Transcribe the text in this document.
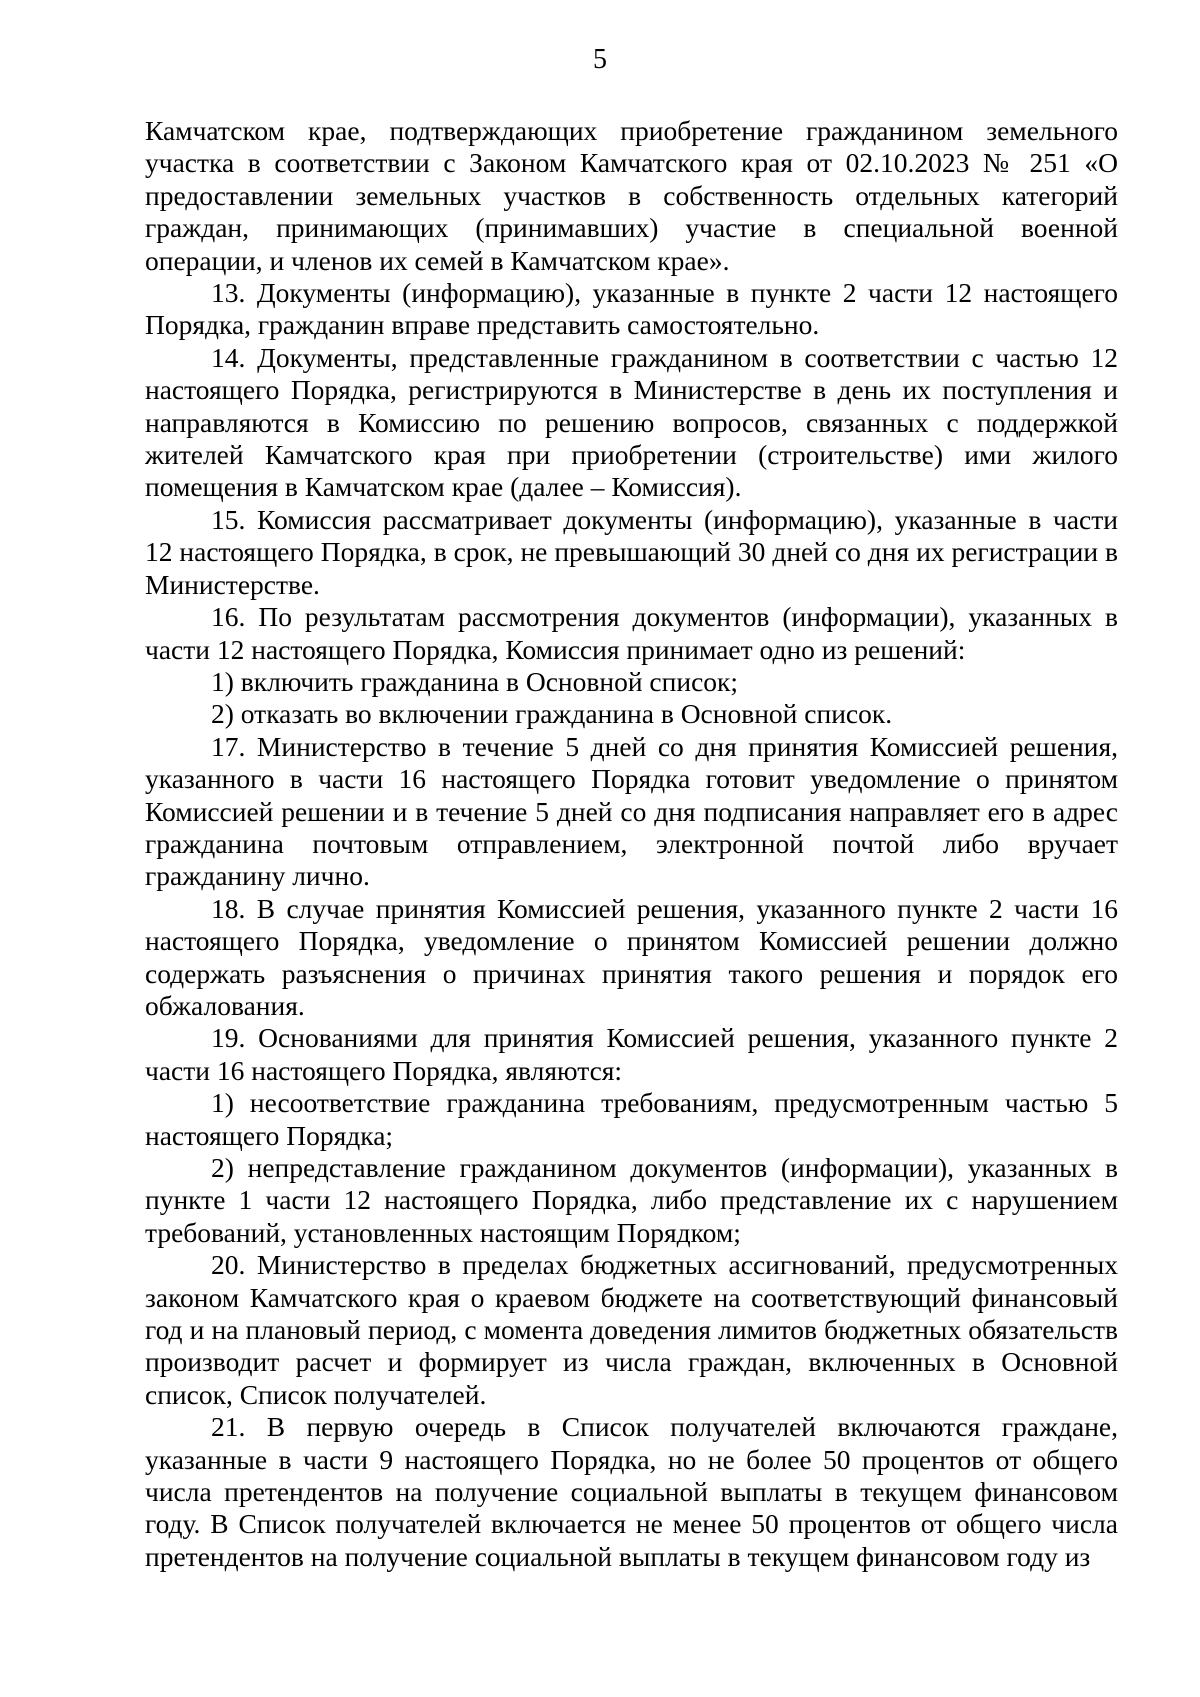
5

Камчатском крае, подтверждающих приобретение гражданином земельного участка в соответствии с Законом Камчатского края от 02.10.2023 № 251 «О предоставлении земельных участков в собственность отдельных категорий граждан, принимающих (принимавших) участие в специальной военной операции, и членов их семей в Камчатском крае».

13. Документы (информацию), указанные в пункте 2 части 12 настоящего Порядка, гражданин вправе представить самостоятельно.

14. Документы, представленные гражданином в соответствии с частью 12 настоящего Порядка, регистрируются в Министерстве в день их поступления и направляются в Комиссию по решению вопросов, связанных с поддержкой жителей Камчатского края при приобретении (строительстве) ими жилого помещения в Камчатском крае (далее – Комиссия).

15. Комиссия рассматривает документы (информацию), указанные в части 12 настоящего Порядка, в срок, не превышающий 30 дней со дня их регистрации в Министерстве.

16. По результатам рассмотрения документов (информации), указанных в части 12 настоящего Порядка, Комиссия принимает одно из решений:

1) включить гражданина в Основной список;

2) отказать во включении гражданина в Основной список.

17. Министерство в течение 5 дней со дня принятия Комиссией решения, указанного в части 16 настоящего Порядка готовит уведомление о принятом Комиссией решении и в течение 5 дней со дня подписания направляет его в адрес гражданина почтовым отправлением, электронной почтой либо вручает гражданину лично.

18. В случае принятия Комиссией решения, указанного пункте 2 части 16 настоящего Порядка, уведомление о принятом Комиссией решении должно содержать разъяснения о причинах принятия такого решения и порядок его обжалования.

19. Основаниями для принятия Комиссией решения, указанного пункте 2 части 16 настоящего Порядка, являются:

1) несоответствие гражданина требованиям, предусмотренным частью 5 настоящего Порядка;

2) непредставление гражданином документов (информации), указанных в пункте 1 части 12 настоящего Порядка, либо представление их с нарушением требований, установленных настоящим Порядком;

20. Министерство в пределах бюджетных ассигнований, предусмотренных законом Камчатского края о краевом бюджете на соответствующий финансовый год и на плановый период, с момента доведения лимитов бюджетных обязательств производит расчет и формирует из числа граждан, включенных в Основной список, Список получателей.

21. В первую очередь в Список получателей включаются граждане, указанные в части 9 настоящего Порядка, но не более 50 процентов от общего числа претендентов на получение социальной выплаты в текущем финансовом году. В Список получателей включается не менее 50 процентов от общего числа претендентов на получение социальной выплаты в текущем финансовом году из
